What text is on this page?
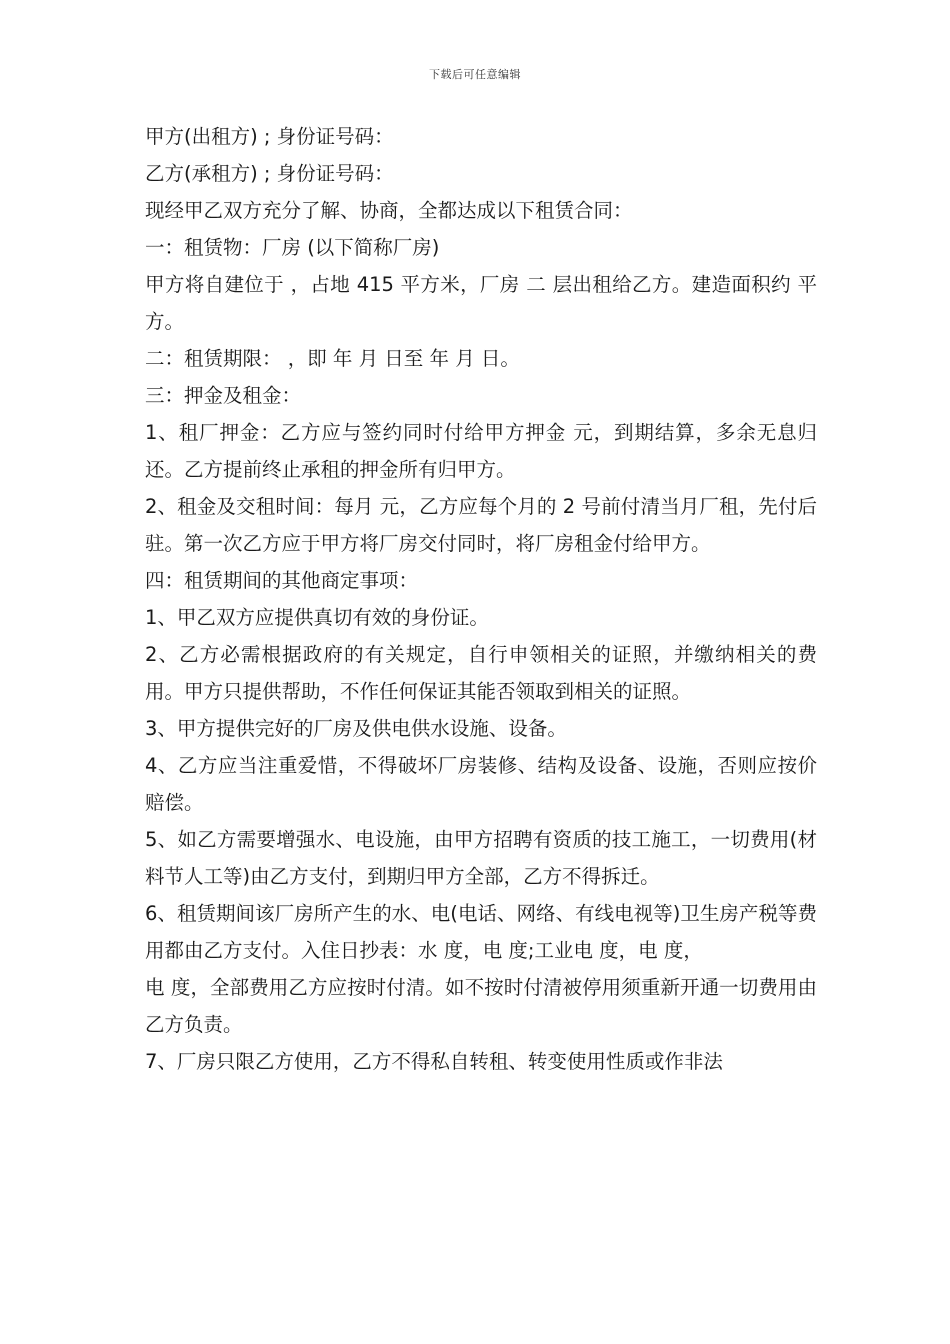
下载后可任意编辑

甲方(出租方) ; 身份证号码：

乙方(承租方) ; 身份证号码：

现经甲乙双方充分了解、协商，全都达成以下租赁合同：

一：租赁物：厂房 (以下简称厂房)

甲方将自建位于 ，占地 415 平方米，厂房 二 层出租给乙方。建造面积约 平方。

二：租赁期限： ，即 年 月 日至 年 月 日。

三：押金及租金：

1、租厂押金：乙方应与签约同时付给甲方押金 元，到期结算，多余无息归还。乙方提前终止承租的押金所有归甲方。

2、租金及交租时间：每月 元，乙方应每个月的 2 号前付清当月厂租，先付后驻。第一次乙方应于甲方将厂房交付同时，将厂房租金付给甲方。

四：租赁期间的其他商定事项：

1、甲乙双方应提供真切有效的身份证。

2、乙方必需根据政府的有关规定，自行申领相关的证照，并缴纳相关的费用。甲方只提供帮助，不作任何保证其能否领取到相关的证照。

3、甲方提供完好的厂房及供电供水设施、设备。

4、乙方应当注重爱惜，不得破坏厂房装修、结构及设备、设施，否则应按价赔偿。

5、如乙方需要增强水、电设施，由甲方招聘有资质的技工施工，一切费用(材料节人工等)由乙方支付，到期归甲方全部，乙方不得拆迁。

6、租赁期间该厂房所产生的水、电(电话、网络、有线电视等)卫生房产税等费用都由乙方支付。入住日抄表：水 度，电 度;工业电 度，电 度，

电 度，全部费用乙方应按时付清。如不按时付清被停用须重新开通一切费用由乙方负责。

7、厂房只限乙方使用，乙方不得私自转租、转变使用性质或作非法
